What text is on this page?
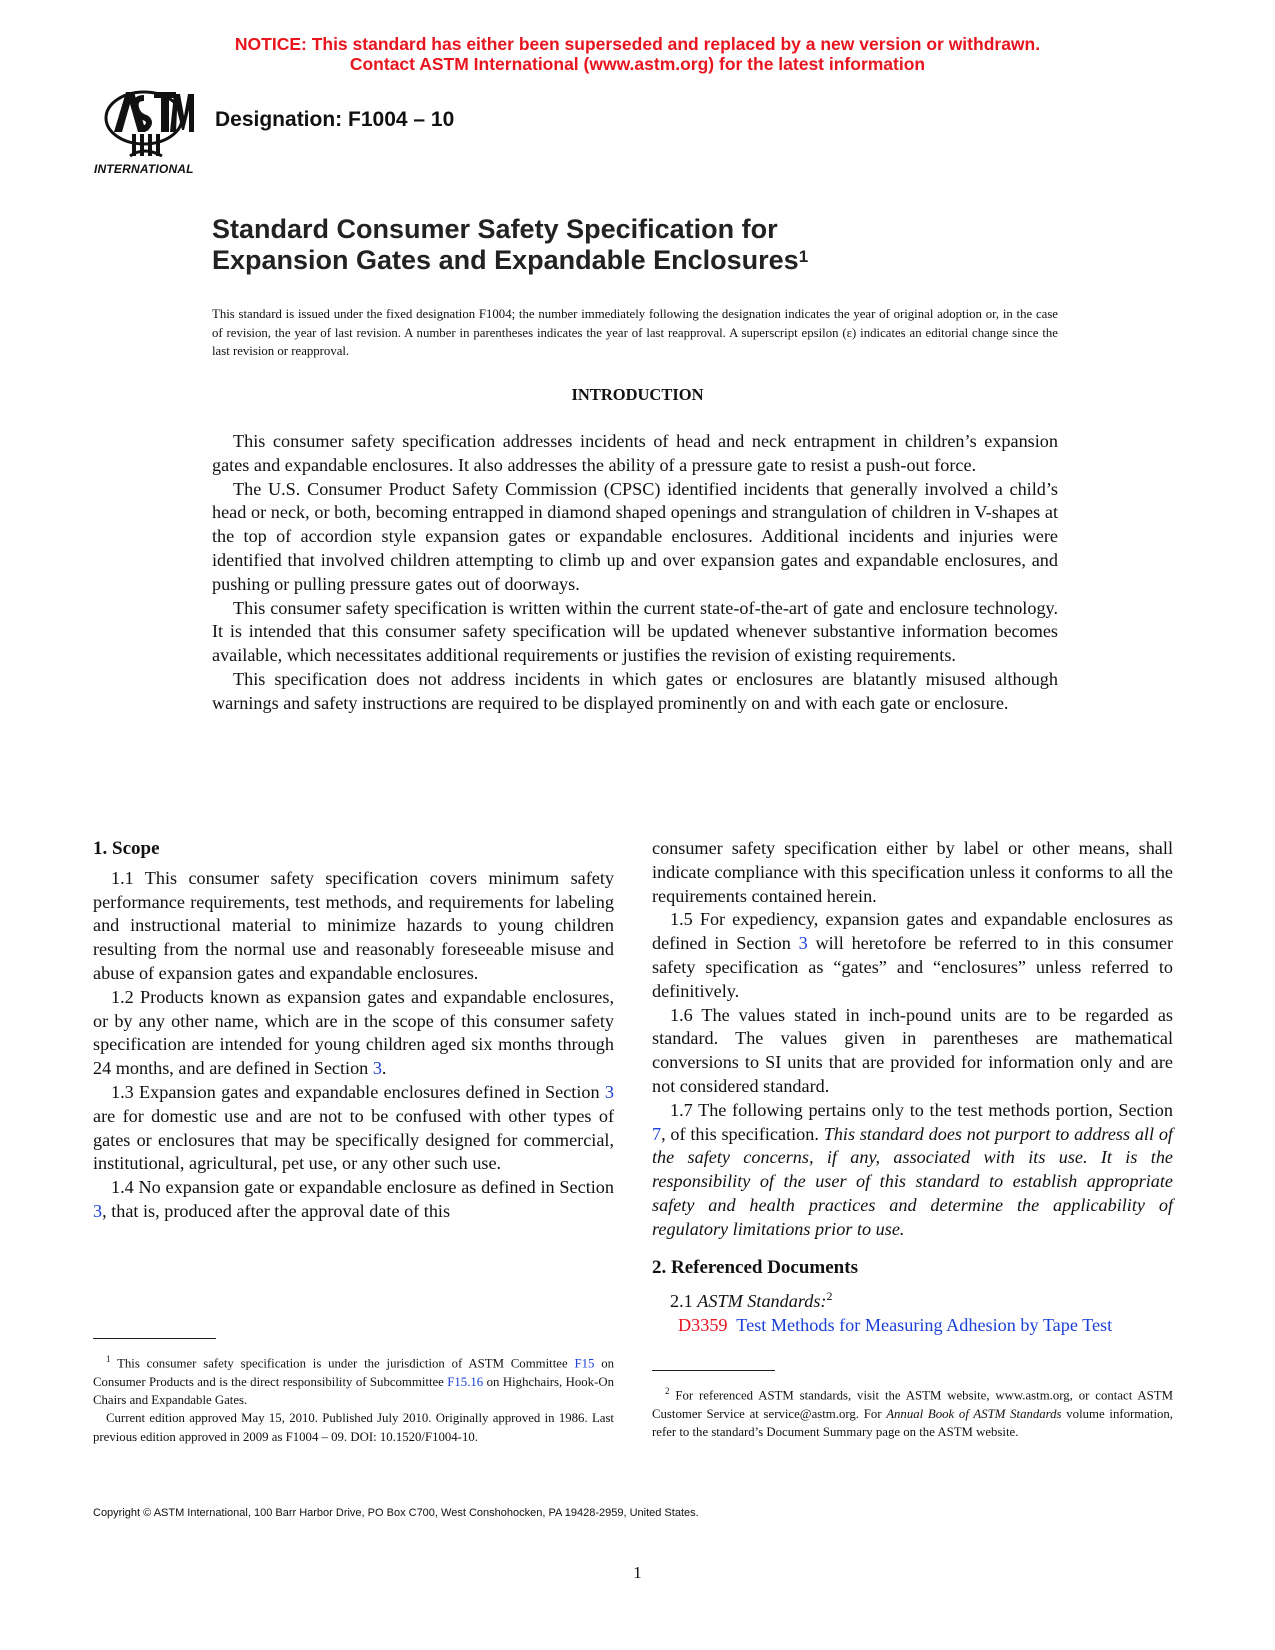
NOTICE: This standard has either been superseded and replaced by a new version or withdrawn.
Contact ASTM International (www.astm.org) for the latest information
INTERNATIONAL
Designation: F1004 – 10
Standard Consumer Safety Specification for
Expansion Gates and Expandable Enclosures$^1$
This standard is issued under the fixed designation F1004; the number immediately following the designation indicates the year of original adoption or, in the case of revision, the year of last revision. A number in parentheses indicates the year of last reapproval. A superscript epsilon (ε) indicates an editorial change since the last revision or reapproval.
INTRODUCTION

This consumer safety specification addresses incidents of head and neck entrapment in children’s expansion gates and expandable enclosures. It also addresses the ability of a pressure gate to resist a push-out force.

The U.S. Consumer Product Safety Commission (CPSC) identified incidents that generally involved a child’s head or neck, or both, becoming entrapped in diamond shaped openings and strangulation of children in V-shapes at the top of accordion style expansion gates or expandable enclosures. Additional incidents and injuries were identified that involved children attempting to climb up and over expansion gates and expandable enclosures, and pushing or pulling pressure gates out of doorways.

This consumer safety specification is written within the current state-of-the-art of gate and enclosure technology. It is intended that this consumer safety specification will be updated whenever substantive information becomes available, which necessitates additional requirements or justifies the revision of existing requirements.

This specification does not address incidents in which gates or enclosures are blatantly misused although warnings and safety instructions are required to be displayed prominently on and with each gate or enclosure.

1. Scope

1.1 This consumer safety specification covers minimum safety performance requirements, test methods, and requirements for labeling and instructional material to minimize hazards to young children resulting from the normal use and reasonably foreseeable misuse and abuse of expansion gates and expandable enclosures.

1.2 Products known as expansion gates and expandable enclosures, or by any other name, which are in the scope of this consumer safety specification are intended for young children aged six months through 24 months, and are defined in Section 3.

1.3 Expansion gates and expandable enclosures defined in Section 3 are for domestic use and are not to be confused with other types of gates or enclosures that may be specifically designed for commercial, institutional, agricultural, pet use, or any other such use.

1.4 No expansion gate or expandable enclosure as defined in Section 3, that is, produced after the approval date of this

consumer safety specification either by label or other means, shall indicate compliance with this specification unless it conforms to all the requirements contained herein.

1.5 For expediency, expansion gates and expandable enclosures as defined in Section 3 will heretofore be referred to in this consumer safety specification as “gates” and “enclosures” unless referred to definitively.

1.6 The values stated in inch-pound units are to be regarded as standard. The values given in parentheses are mathematical conversions to SI units that are provided for information only and are not considered standard.

1.7 The following pertains only to the test methods portion, Section 7, of this specification. This standard does not purport to address all of the safety concerns, if any, associated with its use. It is the responsibility of the user of this standard to establish appropriate safety and health practices and determine the applicability of regulatory limitations prior to use.

2. Referenced Documents

2.1 ASTM Standards:$^2$

D3359 Test Methods for Measuring Adhesion by Tape Test

$^1$ This consumer safety specification is under the jurisdiction of ASTM Committee F15 on Consumer Products and is the direct responsibility of Subcommittee F15.16 on Highchairs, Hook-On Chairs and Expandable Gates.

Current edition approved May 15, 2010. Published July 2010. Originally approved in 1986. Last previous edition approved in 2009 as F1004 – 09. DOI: 10.1520/F1004-10.

$^2$ For referenced ASTM standards, visit the ASTM website, www.astm.org, or contact ASTM Customer Service at service@astm.org. For Annual Book of ASTM Standards volume information, refer to the standard’s Document Summary page on the ASTM website.

Copyright © ASTM International, 100 Barr Harbor Drive, PO Box C700, West Conshohocken, PA 19428-2959, United States.
1
